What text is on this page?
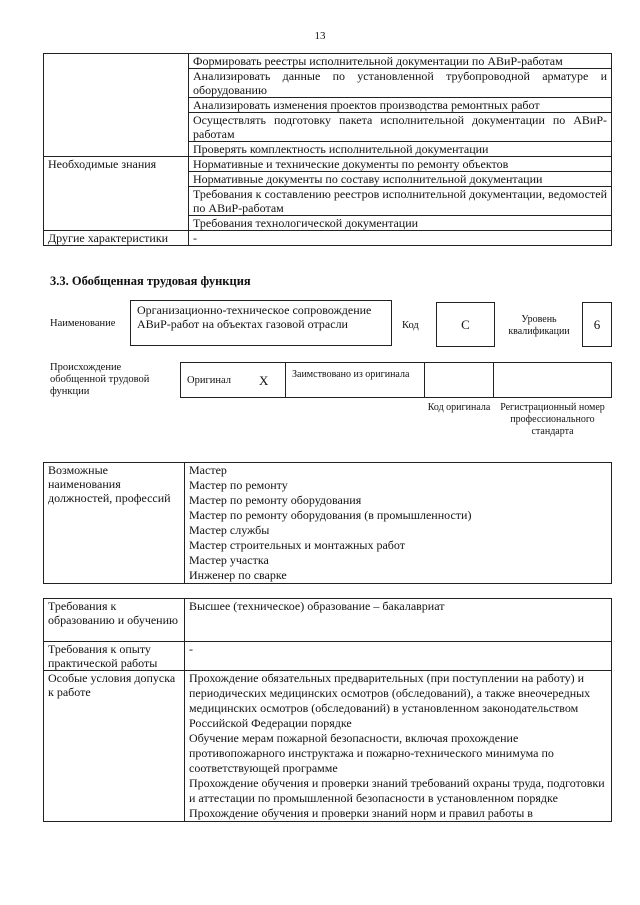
13
	Формировать реестры исполнительной документации по АВиР-работам
	Анализировать данные по установленной трубопроводной арматуре и оборудованию
	Анализировать изменения проектов производства ремонтных работ
	Осуществлять подготовку пакета исполнительной документации по АВиР-работам
	Проверять комплектность исполнительной документации
Необходимые знания	Нормативные и технические документы по ремонту объектов
	Нормативные документы по составу исполнительной документации
	Требования к составлению реестров исполнительной документации, ведомостей по АВиР-работам
	Требования технологической документации
Другие характеристики	-
3.3. Обобщенная трудовая функция
Наименование
Организационно-техническое сопровождение АВиР-работ на объектах газовой отрасли	Код	C	Уровень квалификации	6
Происхождение обобщенной трудовой функции
Оригинал X Заимствовано из оригинала
Код оригинала Регистрационный номер профессионального стандарта
Возможные наименования должностей, профессий	
Мастер
Мастер по ремонту
Мастер по ремонту оборудования
Мастер по ремонту оборудования (в промышленности)
Мастер службы
Мастер строительных и монтажных работ
Мастер участка
Инженер по сварке
Требования к образованию и обучению	Высшее (техническое) образование – бакалавриат
Требования к опыту практической работы	-
Особые условия допуска к работе	Прохождение обязательных предварительных (при поступлении на работу) и периодических медицинских осмотров (обследований), а также внеочередных медицинских осмотров (обследований) в установленном законодательством Российской Федерации порядке
Обучение мерам пожарной безопасности, включая прохождение противопожарного инструктажа и пожарно-технического минимума по соответствующей программе
Прохождение обучения и проверки знаний требований охраны труда, подготовки и аттестации по промышленной безопасности в установленном порядке
Прохождение обучения и проверки знаний норм и правил работы в
